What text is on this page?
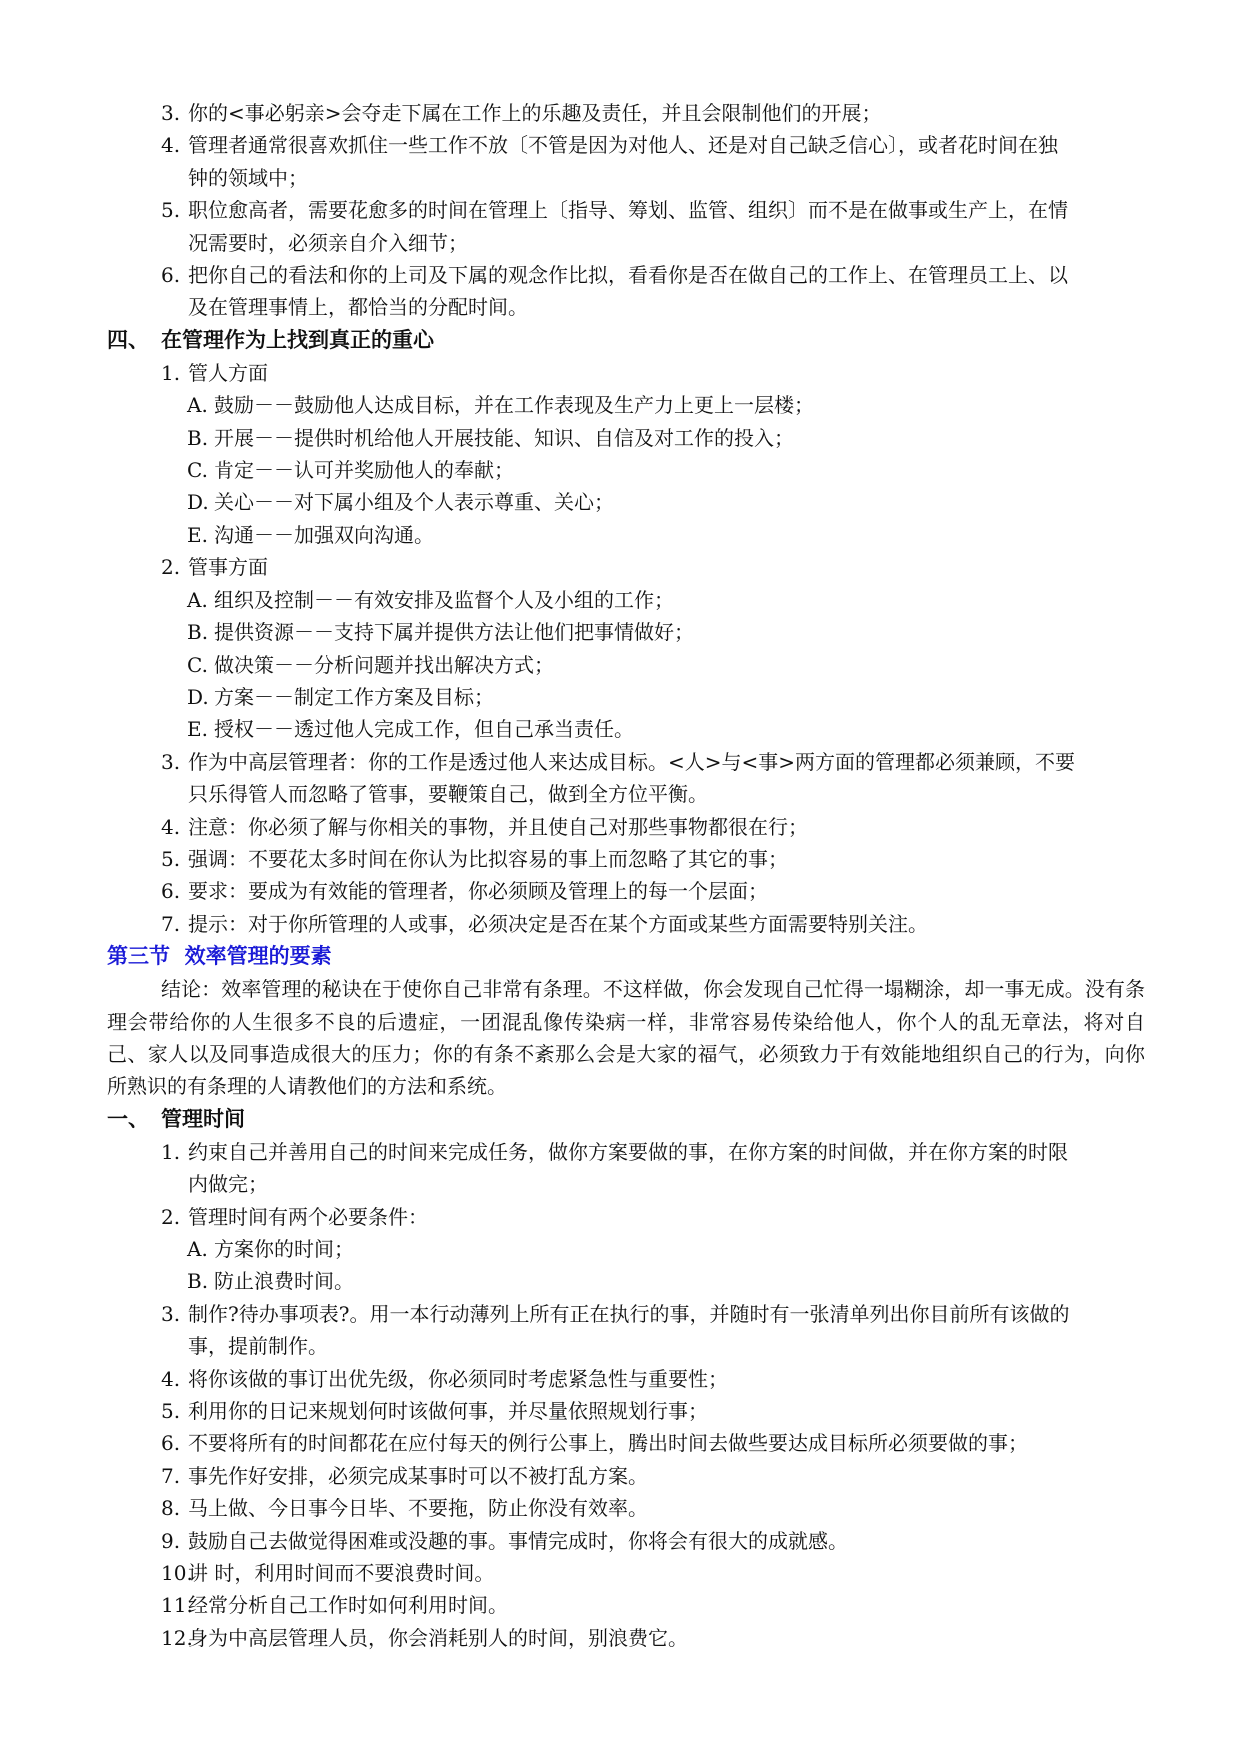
3. 你的<事必躬亲>会夺走下属在工作上的乐趣及责任，并且会限制他们的开展；
4. 管理者通常很喜欢抓住一些工作不放〔不管是因为对他人、还是对自己缺乏信心〕，或者花时间在独
钟的领域中；
5. 职位愈高者，需要花愈多的时间在管理上〔指导、筹划、监管、组织〕而不是在做事或生产上，在情
况需要时，必须亲自介入细节；
6. 把你自己的看法和你的上司及下属的观念作比拟，看看你是否在做自己的工作上、在管理员工上、以
及在管理事情上，都恰当的分配时间。
四、 在管理作为上找到真正的重心
1. 管人方面
A. 鼓励－－鼓励他人达成目标，并在工作表现及生产力上更上一层楼；
B. 开展－－提供时机给他人开展技能、知识、自信及对工作的投入；
C. 肯定－－认可并奖励他人的奉献；
D. 关心－－对下属小组及个人表示尊重、关心；
E. 沟通－－加强双向沟通。
2. 管事方面
A. 组织及控制－－有效安排及监督个人及小组的工作；
B. 提供资源－－支持下属并提供方法让他们把事情做好；
C. 做决策－－分析问题并找出解决方式；
D. 方案－－制定工作方案及目标；
E. 授权－－透过他人完成工作，但自己承当责任。
3. 作为中高层管理者：你的工作是透过他人来达成目标。<人>与<事>两方面的管理都必须兼顾，不要
只乐得管人而忽略了管事，要鞭策自己，做到全方位平衡。
4. 注意：你必须了解与你相关的事物，并且使自己对那些事物都很在行；
5. 强调：不要花太多时间在你认为比拟容易的事上而忽略了其它的事；
6. 要求：要成为有效能的管理者，你必须顾及管理上的每一个层面；
7. 提示：对于你所管理的人或事，必须决定是否在某个方面或某些方面需要特别关注。
第三节 效率管理的要素
结论：效率管理的秘诀在于使你自己非常有条理。不这样做，你会发现自己忙得一塌糊涂，却一事无成。没有条理会带给你的人生很多不良的后遗症，一团混乱像传染病一样，非常容易传染给他人，你个人的乱无章法，将对自己、家人以及同事造成很大的压力；你的有条不紊那么会是大家的福气，必须致力于有效能地组织自己的行为，向你所熟识的有条理的人请教他们的方法和系统。
一、 管理时间
1. 约束自己并善用自己的时间来完成任务，做你方案要做的事，在你方案的时间做，并在你方案的时限
内做完；
2. 管理时间有两个必要条件：
A. 方案你的时间；
B. 防止浪费时间。
3. 制作?待办事项表?。用一本行动薄列上所有正在执行的事，并随时有一张清单列出你目前所有该做的
事，提前制作。
4. 将你该做的事订出优先级，你必须同时考虑紧急性与重要性；
5. 利用你的日记来规划何时该做何事，并尽量依照规划行事；
6. 不要将所有的时间都花在应付每天的例行公事上，腾出时间去做些要达成目标所必须要做的事；
7. 事先作好安排，必须完成某事时可以不被打乱方案。
8. 马上做、今日事今日毕、不要拖，防止你没有效率。
9. 鼓励自己去做觉得困难或没趣的事。事情完成时，你将会有很大的成就感。
10.
讲 时，利用时间而不要浪费时间。
11.
经常分析自己工作时如何利用时间。
12.
身为中高层管理人员，你会消耗别人的时间，别浪费它。
